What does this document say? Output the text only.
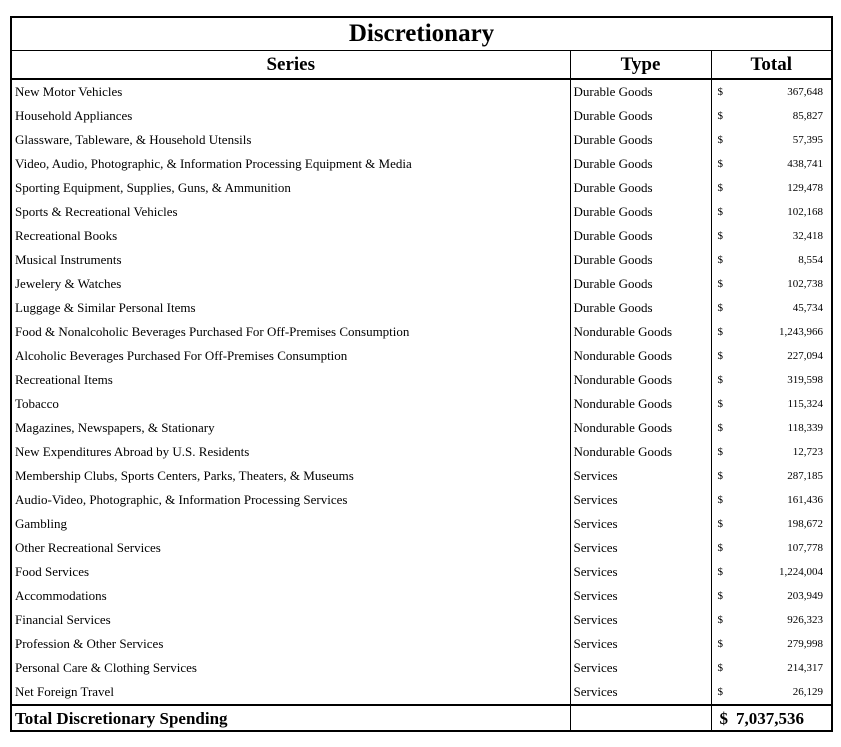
Discretionary
Series	Type	Total
New Motor Vehicles	Durable Goods	$ 367,648

Household Appliances	Durable Goods	$ 85,827

Glassware, Tableware, & Household Utensils	Durable Goods	$ 57,395

Video, Audio, Photographic, & Information Processing Equipment & Media	Durable Goods	$ 438,741

Sporting Equipment, Supplies, Guns, & Ammunition	Durable Goods	$ 129,478

Sports & Recreational Vehicles	Durable Goods	$ 102,168

Recreational Books	Durable Goods	$ 32,418

Musical Instruments	Durable Goods	$ 8,554

Jewelery & Watches	Durable Goods	$ 102,738

Luggage & Similar Personal Items	Durable Goods	$ 45,734

Food & Nonalcoholic Beverages Purchased For Off-Premises Consumption	Nondurable Goods	$ 1,243,966

Alcoholic Beverages Purchased For Off-Premises Consumption	Nondurable Goods	$ 227,094

Recreational Items	Nondurable Goods	$ 319,598

Tobacco	Nondurable Goods	$ 115,324

Magazines, Newspapers, & Stationary	Nondurable Goods	$ 118,339

New Expenditures Abroad by U.S. Residents	Nondurable Goods	$ 12,723

Membership Clubs, Sports Centers, Parks, Theaters, & Museums	Services	$ 287,185

Audio-Video, Photographic, & Information Processing Services	Services	$ 161,436

Gambling	Services	$ 198,672

Other Recreational Services	Services	$ 107,778

Food Services	Services	$ 1,224,004

Accommodations	Services	$ 203,949

Financial Services	Services	$ 926,323

Profession & Other Services	Services	$ 279,998

Personal Care & Clothing Services	Services	$ 214,317

Net Foreign Travel	Services	$ 26,129

Total Discretionary Spending		$ 7,037,536
